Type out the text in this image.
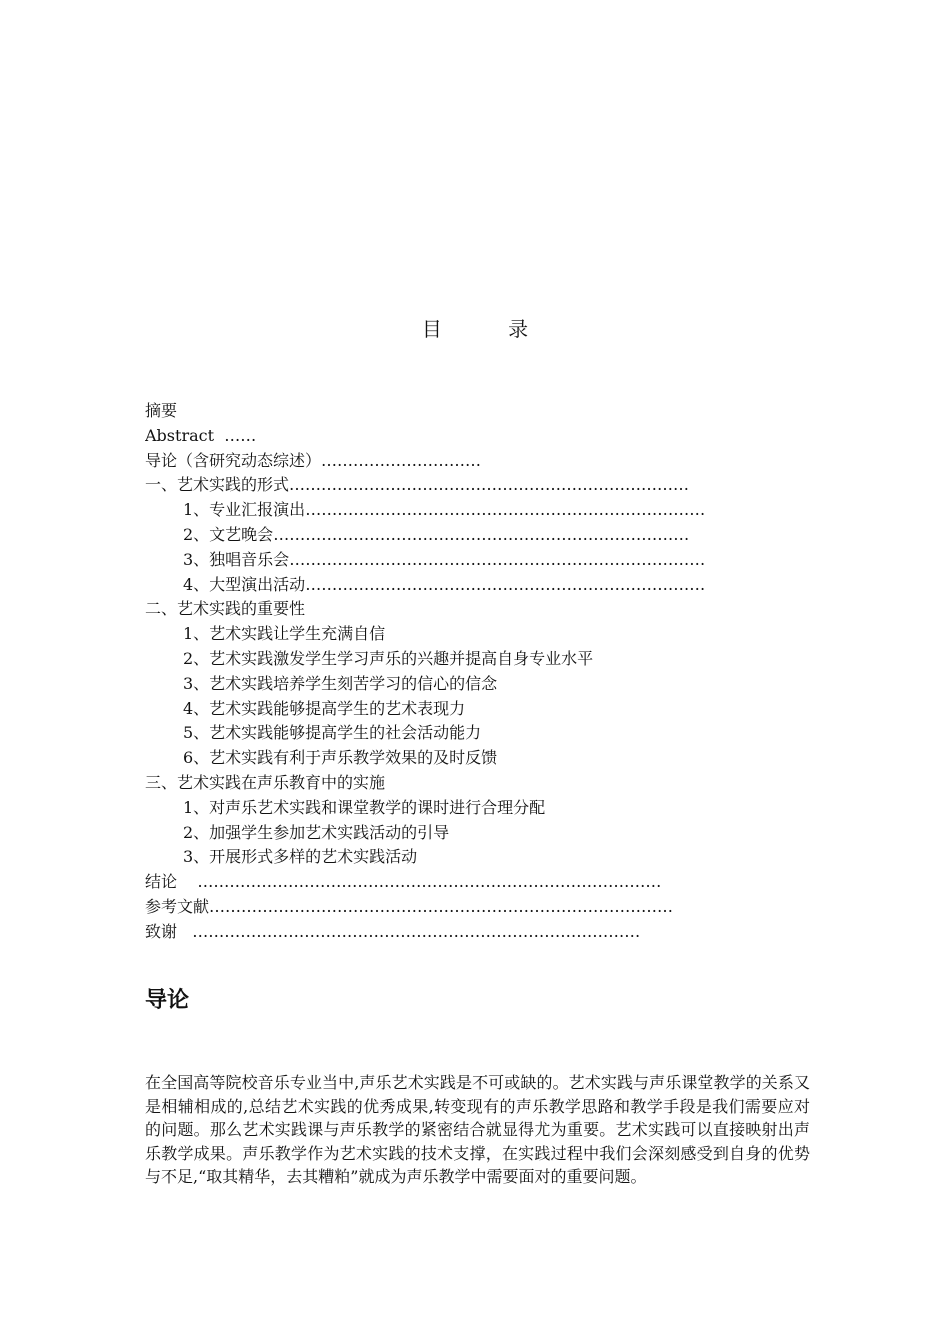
目 录
摘要
Abstract  ……
导论（含研究动态综述）…………………………
一、艺术实践的形式…………………………………………………………………
1、专业汇报演出…………………………………………………………………
2、文艺晚会……………………………………………………………………
3、独唱音乐会……………………………………………………………………
4、大型演出活动…………………………………………………………………
二、艺术实践的重要性
1、艺术实践让学生充满自信
2、艺术实践激发学生学习声乐的兴趣并提高自身专业水平
3、艺术实践培养学生刻苦学习的信心的信念
4、艺术实践能够提高学生的艺术表现力
5、艺术实践能够提高学生的社会活动能力
6、艺术实践有利于声乐教学效果的及时反馈
三、艺术实践在声乐教育中的实施
1、对声乐艺术实践和课堂教学的课时进行合理分配
2、加强学生参加艺术实践活动的引导
3、开展形式多样的艺术实践活动
结论    ……………………………………………………………………………
参考文献……………………………………………………………………………
致谢   …………………………………………………………………………
导论
在全国高等院校音乐专业当中,声乐艺术实践是不可或缺的。艺术实践与声乐课堂教学的关系又是相辅相成的,总结艺术实践的优秀成果,转变现有的声乐教学思路和教学手段是我们需要应对的问题。那么艺术实践课与声乐教学的紧密结合就显得尤为重要。艺术实践可以直接映射出声乐教学成果。声乐教学作为艺术实践的技术支撑，在实践过程中我们会深刻感受到自身的优势与不足,“取其精华，去其糟粕”就成为声乐教学中需要面对的重要问题。
